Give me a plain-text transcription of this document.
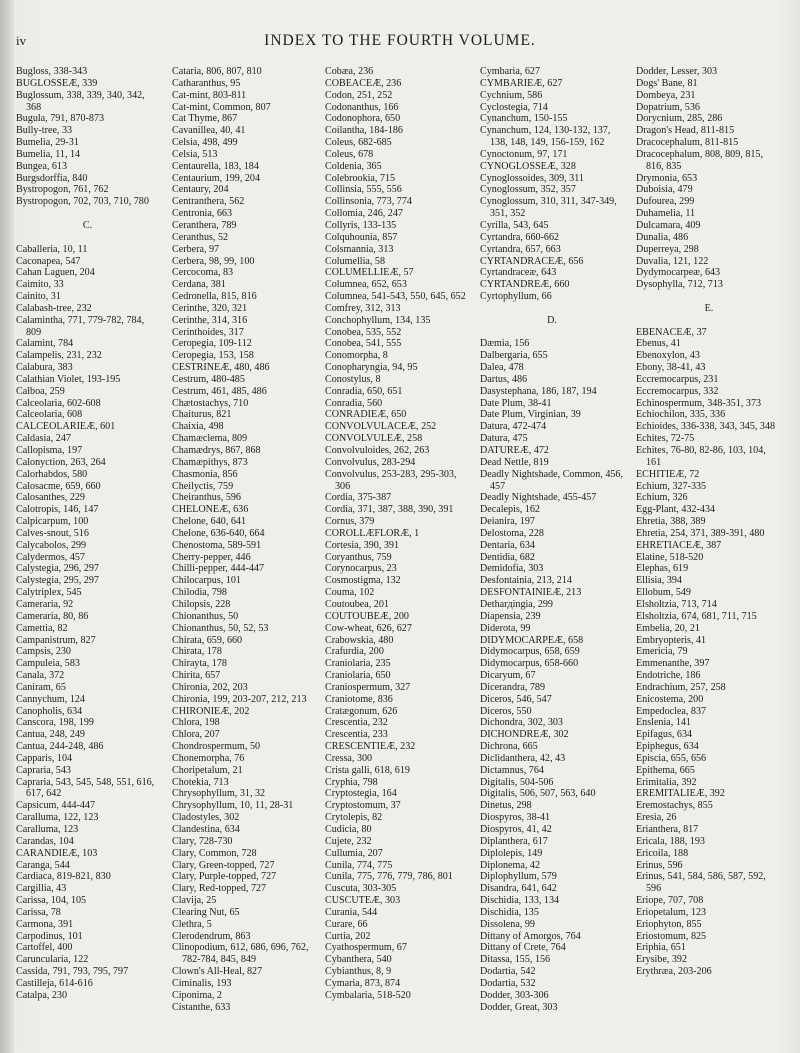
iv	INDEX TO THE FOURTH VOLUME.
Bugloss, 338-343
BUGLOSSEÆ, 339
Buglossum, 338, 339, 340, 342, 368
Bugula, 791, 870-873
Bully-tree, 33
Bumelia, 29-31
Bumelia, 11, 14
Bungea, 613
Burgsdorffia, 840
Bystropogon, 761, 762
Bystropogon, 702, 703, 710, 780
C.
Caballeria, 10, 11
Caconapea, 547
Cahan Laguen, 204
Caimito, 33
Cainito, 31
Calabash-tree, 232
Calamintha, 771, 779-782, 784, 809
Calamint, 784
Calampelis, 231, 232
Calabura, 383
Calathian Violet, 193-195
Calboa, 259
Calceolaria, 602-608
Calceolaria, 608
CALCEOLARIEÆ, 601
Caldasia, 247
Callopisma, 197
Calonyction, 263, 264
Calorhabdos, 580
Calosacme, 659, 660
Calosanthes, 229
Calotropis, 146, 147
Calpicarpum, 100
Calves-snout, 516
Calycabolos, 299
Calydermos, 457
Calystegia, 296, 297
Calystegia, 295, 297
Calytriplex, 545
Cameraria, 92
Cameraria, 80, 86
Camettia, 82
Campanistrum, 827
Campsis, 230
Campuleia, 583
Canala, 372
Caniram, 65
Cannychum, 124
Canopholis, 634
Canscora, 198, 199
Cantua, 248, 249
Cantua, 244-248, 486
Capparis, 104
Capraria, 543
Capraria, 543, 545, 548, 551, 616, 617, 642
Capsicum, 444-447
Caralluma, 122, 123
Caralluma, 123
Carandas, 104
CARANDIEÆ, 103
Caranga, 544
Cardiaca, 819-821, 830
Cargillia, 43
Carissa, 104, 105
Carissa, 78
Carmona, 391
Carpodinus, 101
Cartoffel, 400
Caruncularia, 122
Cassida, 791, 793, 795, 797
Castilleja, 614-616
Catalpa, 230
Cataria, 806, 807, 810
Catharanthus, 95
Cat-mint, 803-811
Cat-mint, Common, 807
Cat Thyme, 867
Cavanillea, 40, 41
Celsia, 498, 499
Celsia, 513
Centaurella, 183, 184
Centaurium, 199, 204
Centaury, 204
Centranthera, 562
Centronia, 663
Ceranthera, 789
Ceranthus, 52
Cerbera, 97
Cerbera, 98, 99, 100
Cercocoma, 83
Cerdana, 381
Cedronella, 815, 816
Cerinthe, 320, 321
Cerinthe, 314, 316
Cerinthoides, 317
Ceropegia, 109-112
Ceropegia, 153, 158
CESTRINEÆ, 480, 486
Cestrum, 480-485
Cestrum, 461, 485, 486
Chætostachys, 710
Chaiturus, 821
Chaixia, 498
Chamæclema, 809
Chamædrys, 867, 868
Chamæpithys, 873
Chasmonia, 856
Cheilyctis, 759
Cheiranthus, 596
CHELONEÆ, 636
Chelone, 640, 641
Chelone, 636-640, 664
Chenostoma, 589-591
Cherry-pepper, 446
Chilli-pepper, 444-447
Chilocarpus, 101
Chilodia, 798
Chilopsis, 228
Chionanthus, 50
Chionanthus, 50, 52, 53
Chirata, 659, 660
Chirata, 178
Chirayta, 178
Chirita, 657
Chironia, 202, 203
Chironia, 199, 203-207, 212, 213
CHIRONIEÆ, 202
Chlora, 198
Chlora, 207
Chondrospermum, 50
Chonemorpha, 76
Choripetalum, 21
Chotekia, 713
Chrysophyllum, 31, 32
Chrysophyllum, 10, 11, 28-31
Cladostyles, 302
Clandestina, 634
Clary, 728-730
Clary, Common, 728
Clary, Green-topped, 727
Clary, Purple-topped, 727
Clary, Red-topped, 727
Clavija, 25
Clearing Nut, 65
Clethra, 5
Clerodendrum, 863
Clinopodium, 612, 686, 696, 762, 782-784, 845, 849
Clown's All-Heal, 827
Ciminalis, 193
Ciponima, 2
Cistanthe, 633
Cobæa, 236
COBEACEÆ, 236
Codon, 251, 252
Codonanthus, 166
Codonophora, 650
Coilantha, 184-186
Coleus, 682-685
Coleus, 678
Coldenia, 365
Colebrookia, 715
Collinsia, 555, 556
Collinsonia, 773, 774
Collomia, 246, 247
Collyris, 133-135
Colquhounia, 857
Colsmannia, 313
Columellia, 58
COLUMELLIEÆ, 57
Columnea, 652, 653
Columnea, 541-543, 550, 645, 652
Comfrey, 312, 313
Conchophyllum, 134, 135
Conobea, 535, 552
Conobea, 541, 555
Conomorpha, 8
Conopharyngia, 94, 95
Conostylus, 8
Conradia, 650, 651
Conradia, 560
CONRADIEÆ, 650
CONVOLVULACEÆ, 252
CONVOLVULEÆ, 258
Convolvuloides, 262, 263
Convolvulus, 283-294
Convolvulus, 253-283, 295-303, 306
Cordia, 375-387
Cordia, 371, 387, 388, 390, 391
Cornus, 379
COROLLÆFLORÆ, 1
Cortesia, 390, 391
Coryanthus, 759
Corynocarpus, 23
Cosmostigma, 132
Couma, 102
Coutoubea, 201
COUTOUBEÆ, 200
Cow-wheat, 626, 627
Crabowskia, 480
Crafurdia, 200
Craniolaria, 235
Craniolaria, 650
Craniospermum, 327
Craniotome, 836
Cratægonum, 626
Crescentia, 232
Crescentia, 233
CRESCENTIEÆ, 232
Cressa, 300
Crista galli, 618, 619
Cryphia, 798
Cryptostegia, 164
Cryptostomum, 37
Crytolepis, 82
Cudicia, 80
Cujete, 232
Cullumia, 207
Cunila, 774, 775
Cunila, 775, 776, 779, 786, 801
Cuscuta, 303-305
CUSCUTEÆ, 303
Curania, 544
Curare, 66
Curtia, 202
Cyathospermum, 67
Cybanthera, 540
Cybianthus, 8, 9
Cymaria, 873, 874
Cymbalaria, 518-520
Cymbaria, 627
CYMBARIEÆ, 627
Cychnium, 586
Cyclostegia, 714
Cynanchum, 150-155
Cynanchum, 124, 130-132, 137, 138, 148, 149, 156-159, 162
Cynoctonum, 97, 171
CYNOGLOSSEÆ, 328
Cynoglossoides, 309, 311
Cynoglossum, 352, 357
Cynoglossum, 310, 311, 347-349, 351, 352
Cyrilla, 543, 645
Cyrtandra, 660-662
Cyrtandra, 657, 663
CYRTANDRACEÆ, 656
Cyrtandraceæ, 643
CYRTANDREÆ, 660
Cyrtophyllum, 66
D.
Dæmia, 156
Dalbergaria, 655
Dalea, 478
Dartus, 486
Dasystephana, 186, 187, 194
Date Plum, 38-41
Date Plum, Virginian, 39
Datura, 472-474
Datura, 475
DATUREÆ, 472
Dead Nettle, 819
Deadly Nightshade, Common, 456, 457
Deadly Nightshade, 455-457
Decalepis, 162
Deianira, 197
Delostoma, 228
Dentaria, 634
Dentidia, 682
Demidofia, 303
Desfontainia, 213, 214
DESFONTAINIEÆ, 213
Detharдingia, 299
Diapensia, 239
Diderota, 99
DIDYMOCARPEÆ, 658
Didymocarpus, 658, 659
Didymocarpus, 658-660
Dicaryum, 67
Dicerandra, 789
Diceros, 546, 547
Diceros, 550
Dichondra, 302, 303
DICHONDREÆ, 302
Dichrona, 665
Diclidanthera, 42, 43
Dictamnus, 764
Digitalis, 504-506
Digitalis, 506, 507, 563, 640
Dinetus, 298
Diospyros, 38-41
Diospyros, 41, 42
Diplanthera, 617
Diplolepis, 149
Diplonema, 42
Diplophyllum, 579
Disandra, 641, 642
Dischidia, 133, 134
Dischidia, 135
Dissolena, 99
Dittany of Amorgos, 764
Dittany of Crete, 764
Ditassa, 155, 156
Dodartia, 542
Dodartia, 532
Dodder, 303-306
Dodder, Great, 303
Dodder, Lesser, 303
Dogs' Bane, 81
Dombeya, 231
Dopatrium, 536
Dorycnium, 285, 286
Dragon's Head, 811-815
Dracocephalum, 811-815
Dracocephalum, 808, 809, 815, 816, 835
Drymonia, 653
Duboisia, 479
Dufourea, 299
Duhamelia, 11
Dulcamara, 409
Dunalia, 486
Duperreya, 298
Duvalia, 121, 122
Dydymocarpeæ, 643
Dysophylla, 712, 713
E.
EBENACEÆ, 37
Ebenus, 41
Ebenoxylon, 43
Ebony, 38-41, 43
Eccremocarpus, 231
Eccremocarpus, 332
Echinospermum, 348-351, 373
Echiochilon, 335, 336
Echioides, 336-338, 343, 345, 348
Echites, 72-75
Echites, 76-80, 82-86, 103, 104, 161
ECHITIEÆ, 72
Echium, 327-335
Echium, 326
Egg-Plant, 432-434
Ehretia, 388, 389
Ehretia, 254, 371, 389-391, 480
EHRETIACEÆ, 387
Elatine, 518-520
Elephas, 619
Ellisia, 394
Ellobum, 549
Elsholtzia, 713, 714
Elsholtzia, 674, 681, 711, 715
Embelia, 20, 21
Embryopteris, 41
Emericia, 79
Emmenanthe, 397
Endotriche, 186
Endrachium, 257, 258
Enicostema, 200
Empedoclea, 837
Ensleniа, 141
Epifagus, 634
Epiphegus, 634
Episcia, 655, 656
Epithema, 665
Erimitalia, 392
EREMITALIEÆ, 392
Eremostachys, 855
Eresia, 26
Erianthera, 817
Ericala, 188, 193
Ericoila, 188
Erinus, 596
Erinus, 541, 584, 586, 587, 592, 596
Eriope, 707, 708
Eriopetalum, 123
Eriophyton, 855
Eriostomum, 825
Eriphia, 651
Erysibe, 392
Erythræa, 203-206
